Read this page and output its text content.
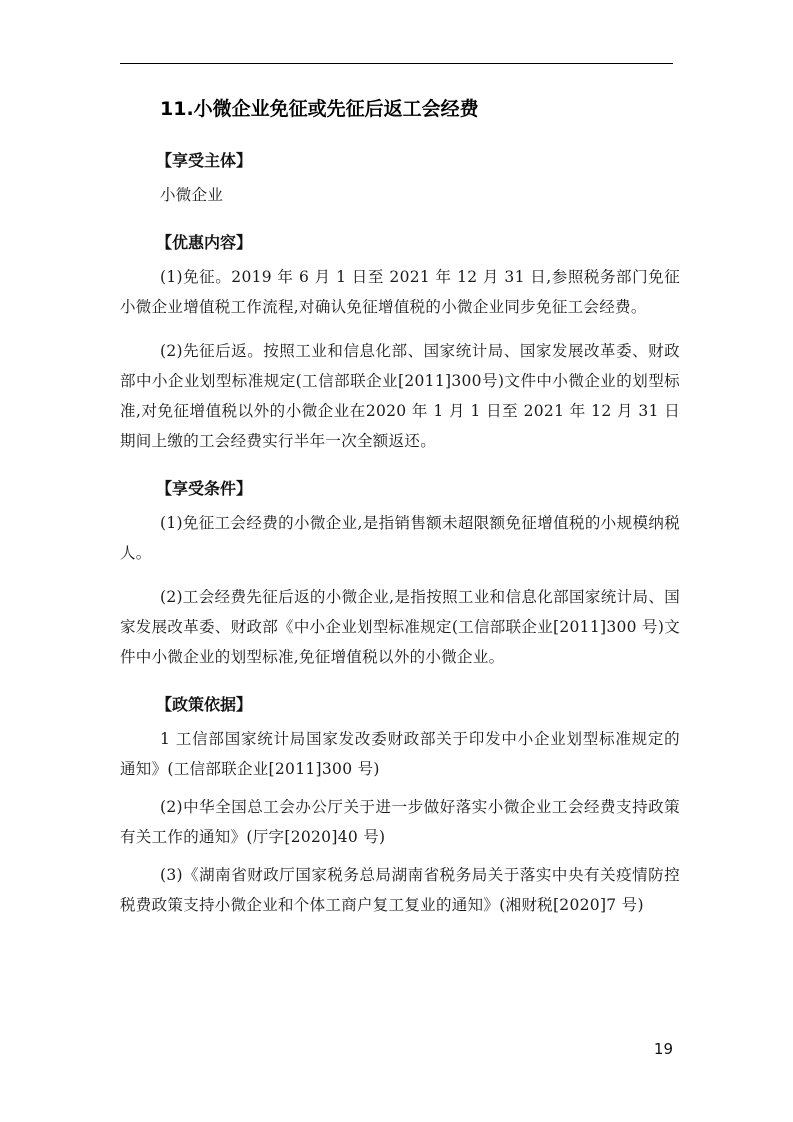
11.小微企业免征或先征后返工会经费
【享受主体】

小微企业

【优惠内容】

(1)免征。2019 年 6 月 1 日至 2021 年 12 月 31 日,参照税务部门免征小微企业增值税工作流程,对确认免征增值税的小微企业同步免征工会经费。

(2)先征后返。按照工业和信息化部、国家统计局、国家发展改革委、财政部中小企业划型标准规定(工信部联企业[2011]300号)文件中小微企业的划型标准,对免征增值税以外的小微企业在2020 年 1 月 1 日至 2021 年 12 月 31 日期间上缴的工会经费实行半年一次全额返还。

【享受条件】

(1)免征工会经费的小微企业,是指销售额未超限额免征增值税的小规模纳税人。

(2)工会经费先征后返的小微企业,是指按照工业和信息化部国家统计局、国家发展改革委、财政部《中小企业划型标准规定(工信部联企业[2011]300 号)文件中小微企业的划型标准,免征增值税以外的小微企业。

【政策依据】

1 工信部国家统计局国家发改委财政部关于印发中小企业划型标准规定的通知》(工信部联企业[2011]300 号)

(2)中华全国总工会办公厅关于进一步做好落实小微企业工会经费支持政策有关工作的通知》(厅字[2020]40 号)

(3)《湖南省财政厅国家税务总局湖南省税务局关于落实中央有关疫情防控税费政策支持小微企业和个体工商户复工复业的通知》(湘财税[2020]7 号)

19
